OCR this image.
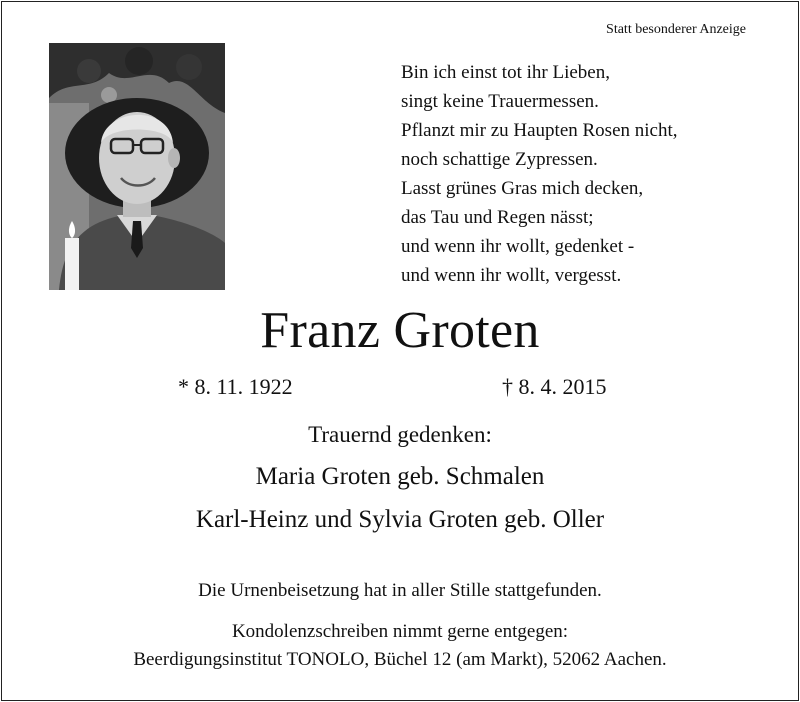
Statt besonderer Anzeige
Bin ich einst tot ihr Lieben,
singt keine Trauermessen.
Pflanzt mir zu Haupten Rosen nicht,
noch schattige Zypressen.
Lasst grünes Gras mich decken,
das Tau und Regen nässt;
und wenn ihr wollt, gedenket -
und wenn ihr wollt, vergesst.
Franz Groten
* 8. 11. 1922	† 8. 4. 2015
Trauernd gedenken:
Maria Groten geb. Schmalen
Karl-Heinz und Sylvia Groten geb. Oller
Die Urnenbeisetzung hat in aller Stille stattgefunden.
Kondolenzschreiben nimmt gerne entgegen:
Beerdigungsinstitut TONOLO, Büchel 12 (am Markt), 52062 Aachen.
